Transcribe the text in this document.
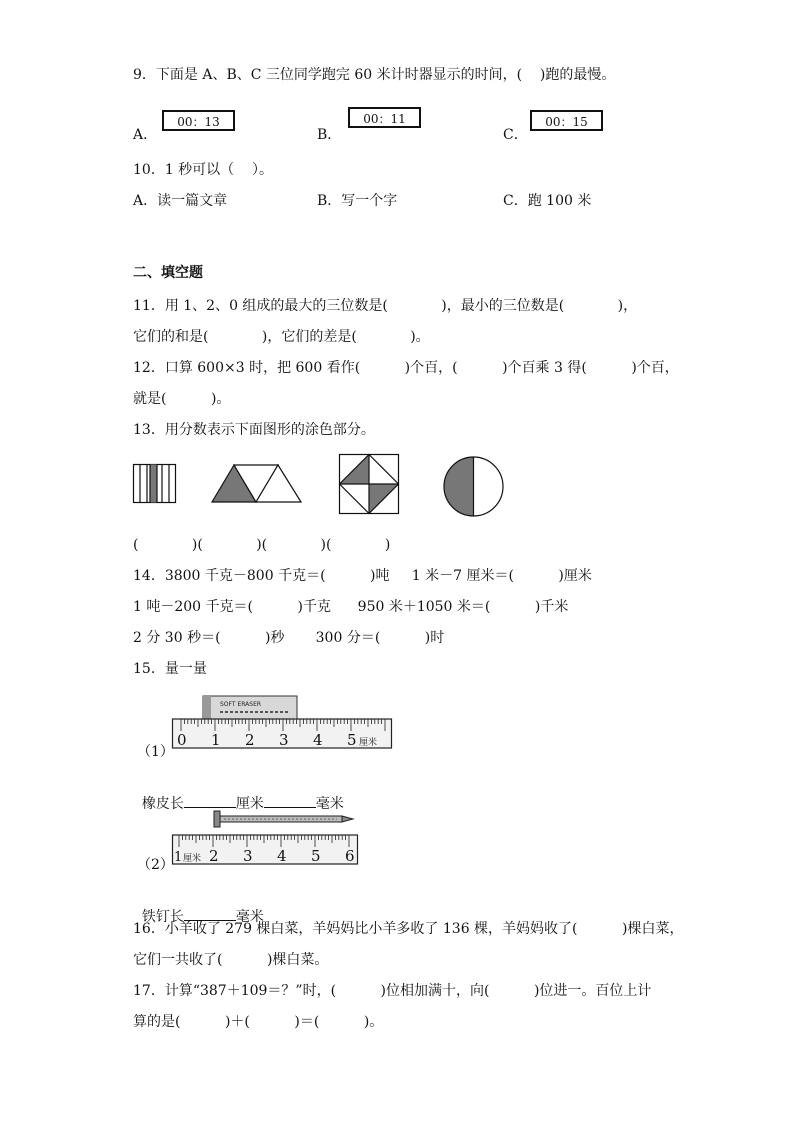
9．下面是 A、B、C 三位同学跑完 60 米计时器显示的时间，(    )跑的最慢。
A．
00：13
B．
00：11
C．
00：15
10．1 秒可以（    ）。
A．读一篇文章	B．写一个字	C．跑 100 米
二、填空题
11．用 1、2、0 组成的最大的三位数是(            )，最小的三位数是(            )，
它们的和是(            )，它们的差是(            )。
12．口算 600×3 时，把 600 看作(          )个百，(          )个百乘 3 得(          )个百，
就是(          )。
13．用分数表示下面图形的涂色部分。
(            )(            )(            )(            )
14．3800 千克－800 千克＝(          )吨     1 米－7 厘米＝(          )厘米
1 吨－200 千克＝(          )千克      950 米＋1050 米＝(          )千米
2 分 30 秒＝(          )秒       300 分＝(          )时
15．量一量
SOFT ERASER
0 1 2 3 4 5 厘米
（1）

橡皮长	厘米	毫米

2 3 4 5 6
1 厘米
（2）

铁钉长	毫米

16．小羊收了 279 棵白菜，羊妈妈比小羊多收了 136 棵，羊妈妈收了(          )棵白菜，
它们一共收了(          )棵白菜。
17．计算“387＋109＝？”时，(          )位相加满十，向(          )位进一。百位上计
算的是(          )＋(          )＝(          )。
